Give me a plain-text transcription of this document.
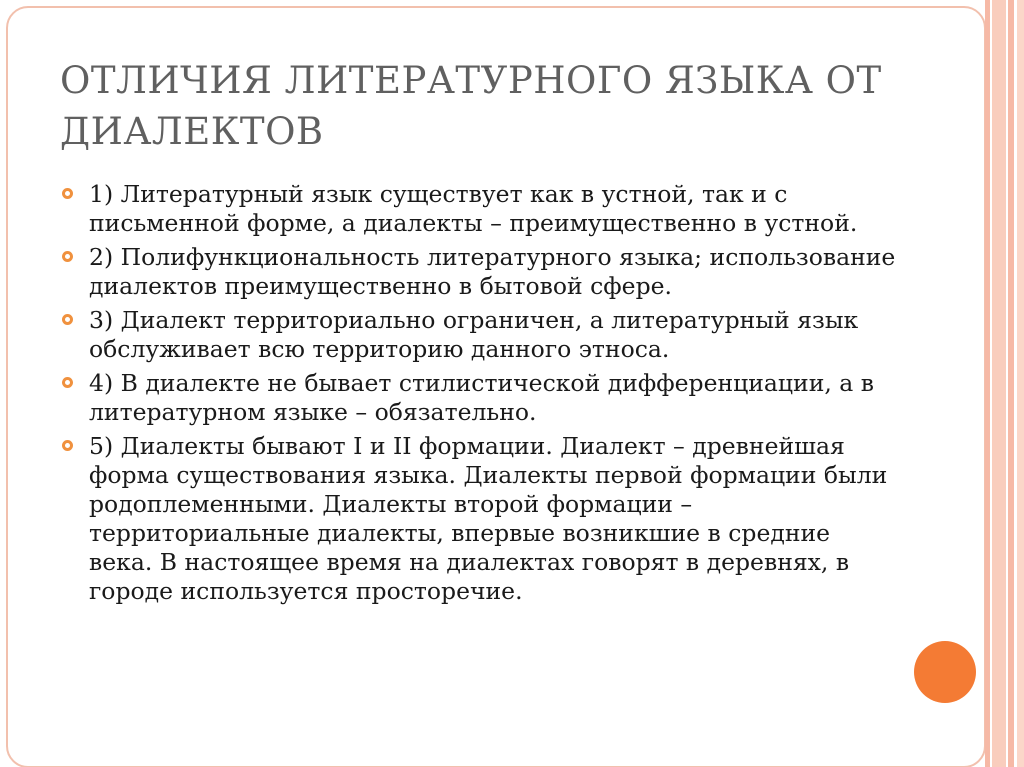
ОТЛИЧИЯ ЛИТЕРАТУРНОГО ЯЗЫКА ОТ ДИАЛЕКТОВ
1) Литературный язык существует как в устной, так и с письменной форме, а диалекты – преимущественно в устной.
2) Полифункциональность литературного языка; использование диалектов преимущественно в бытовой сфере.
3) Диалект территориально ограничен, а литературный язык обслуживает всю территорию данного этноса.
4) В диалекте не бывает стилистической дифференциации, а в литературном языке – обязательно.
5) Диалекты бывают I и II формации. Диалект – древнейшая форма существования языка. Диалекты первой формации были родоплеменными. Диалекты второй формации – территориальные диалекты, впервые возникшие в средние века. В настоящее время на диалектах говорят в деревнях, в городе используется просторечие.
